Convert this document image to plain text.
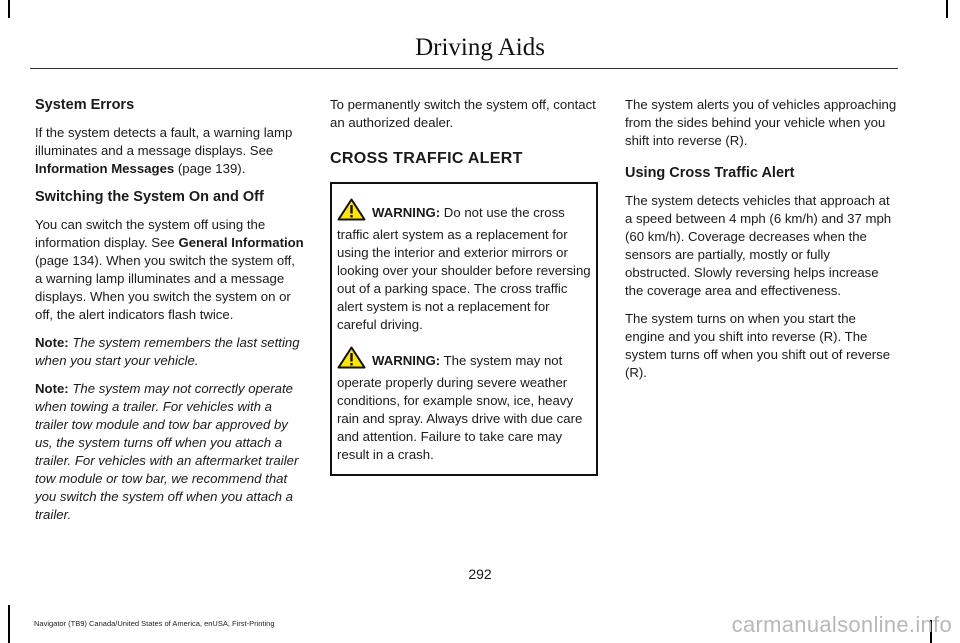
Driving Aids
System Errors

If the system detects a fault, a warning lamp illuminates and a message displays. See Information Messages (page 139).

Switching the System On and Off

You can switch the system off using the information display. See General Information (page 134). When you switch the system off, a warning lamp illuminates and a message displays. When you switch the system on or off, the alert indicators flash twice.

Note: The system remembers the last setting when you start your vehicle.

Note: The system may not correctly operate when towing a trailer. For vehicles with a trailer tow module and tow bar approved by us, the system turns off when you attach a trailer. For vehicles with an aftermarket trailer tow module or tow bar, we recommend that you switch the system off when you attach a trailer.

To permanently switch the system off, contact an authorized dealer.

CROSS TRAFFIC ALERT

WARNING: Do not use the cross traffic alert system as a replacement for using the interior and exterior mirrors or looking over your shoulder before reversing out of a parking space. The cross traffic alert system is not a replacement for careful driving.

WARNING: The system may not operate properly during severe weather conditions, for example snow, ice, heavy rain and spray. Always drive with due care and attention. Failure to take care may result in a crash.

The system alerts you of vehicles approaching from the sides behind your vehicle when you shift into reverse (R).

Using Cross Traffic Alert

The system detects vehicles that approach at a speed between 4 mph (6 km/h) and 37 mph (60 km/h). Coverage decreases when the sensors are partially, mostly or fully obstructed. Slowly reversing helps increase the coverage area and effectiveness.

The system turns on when you start the engine and you shift into reverse (R). The system turns off when you shift out of reverse (R).

292
Navigator (TB9) Canada/United States of America, enUSA, First-Printing	carmanualsonline.info
